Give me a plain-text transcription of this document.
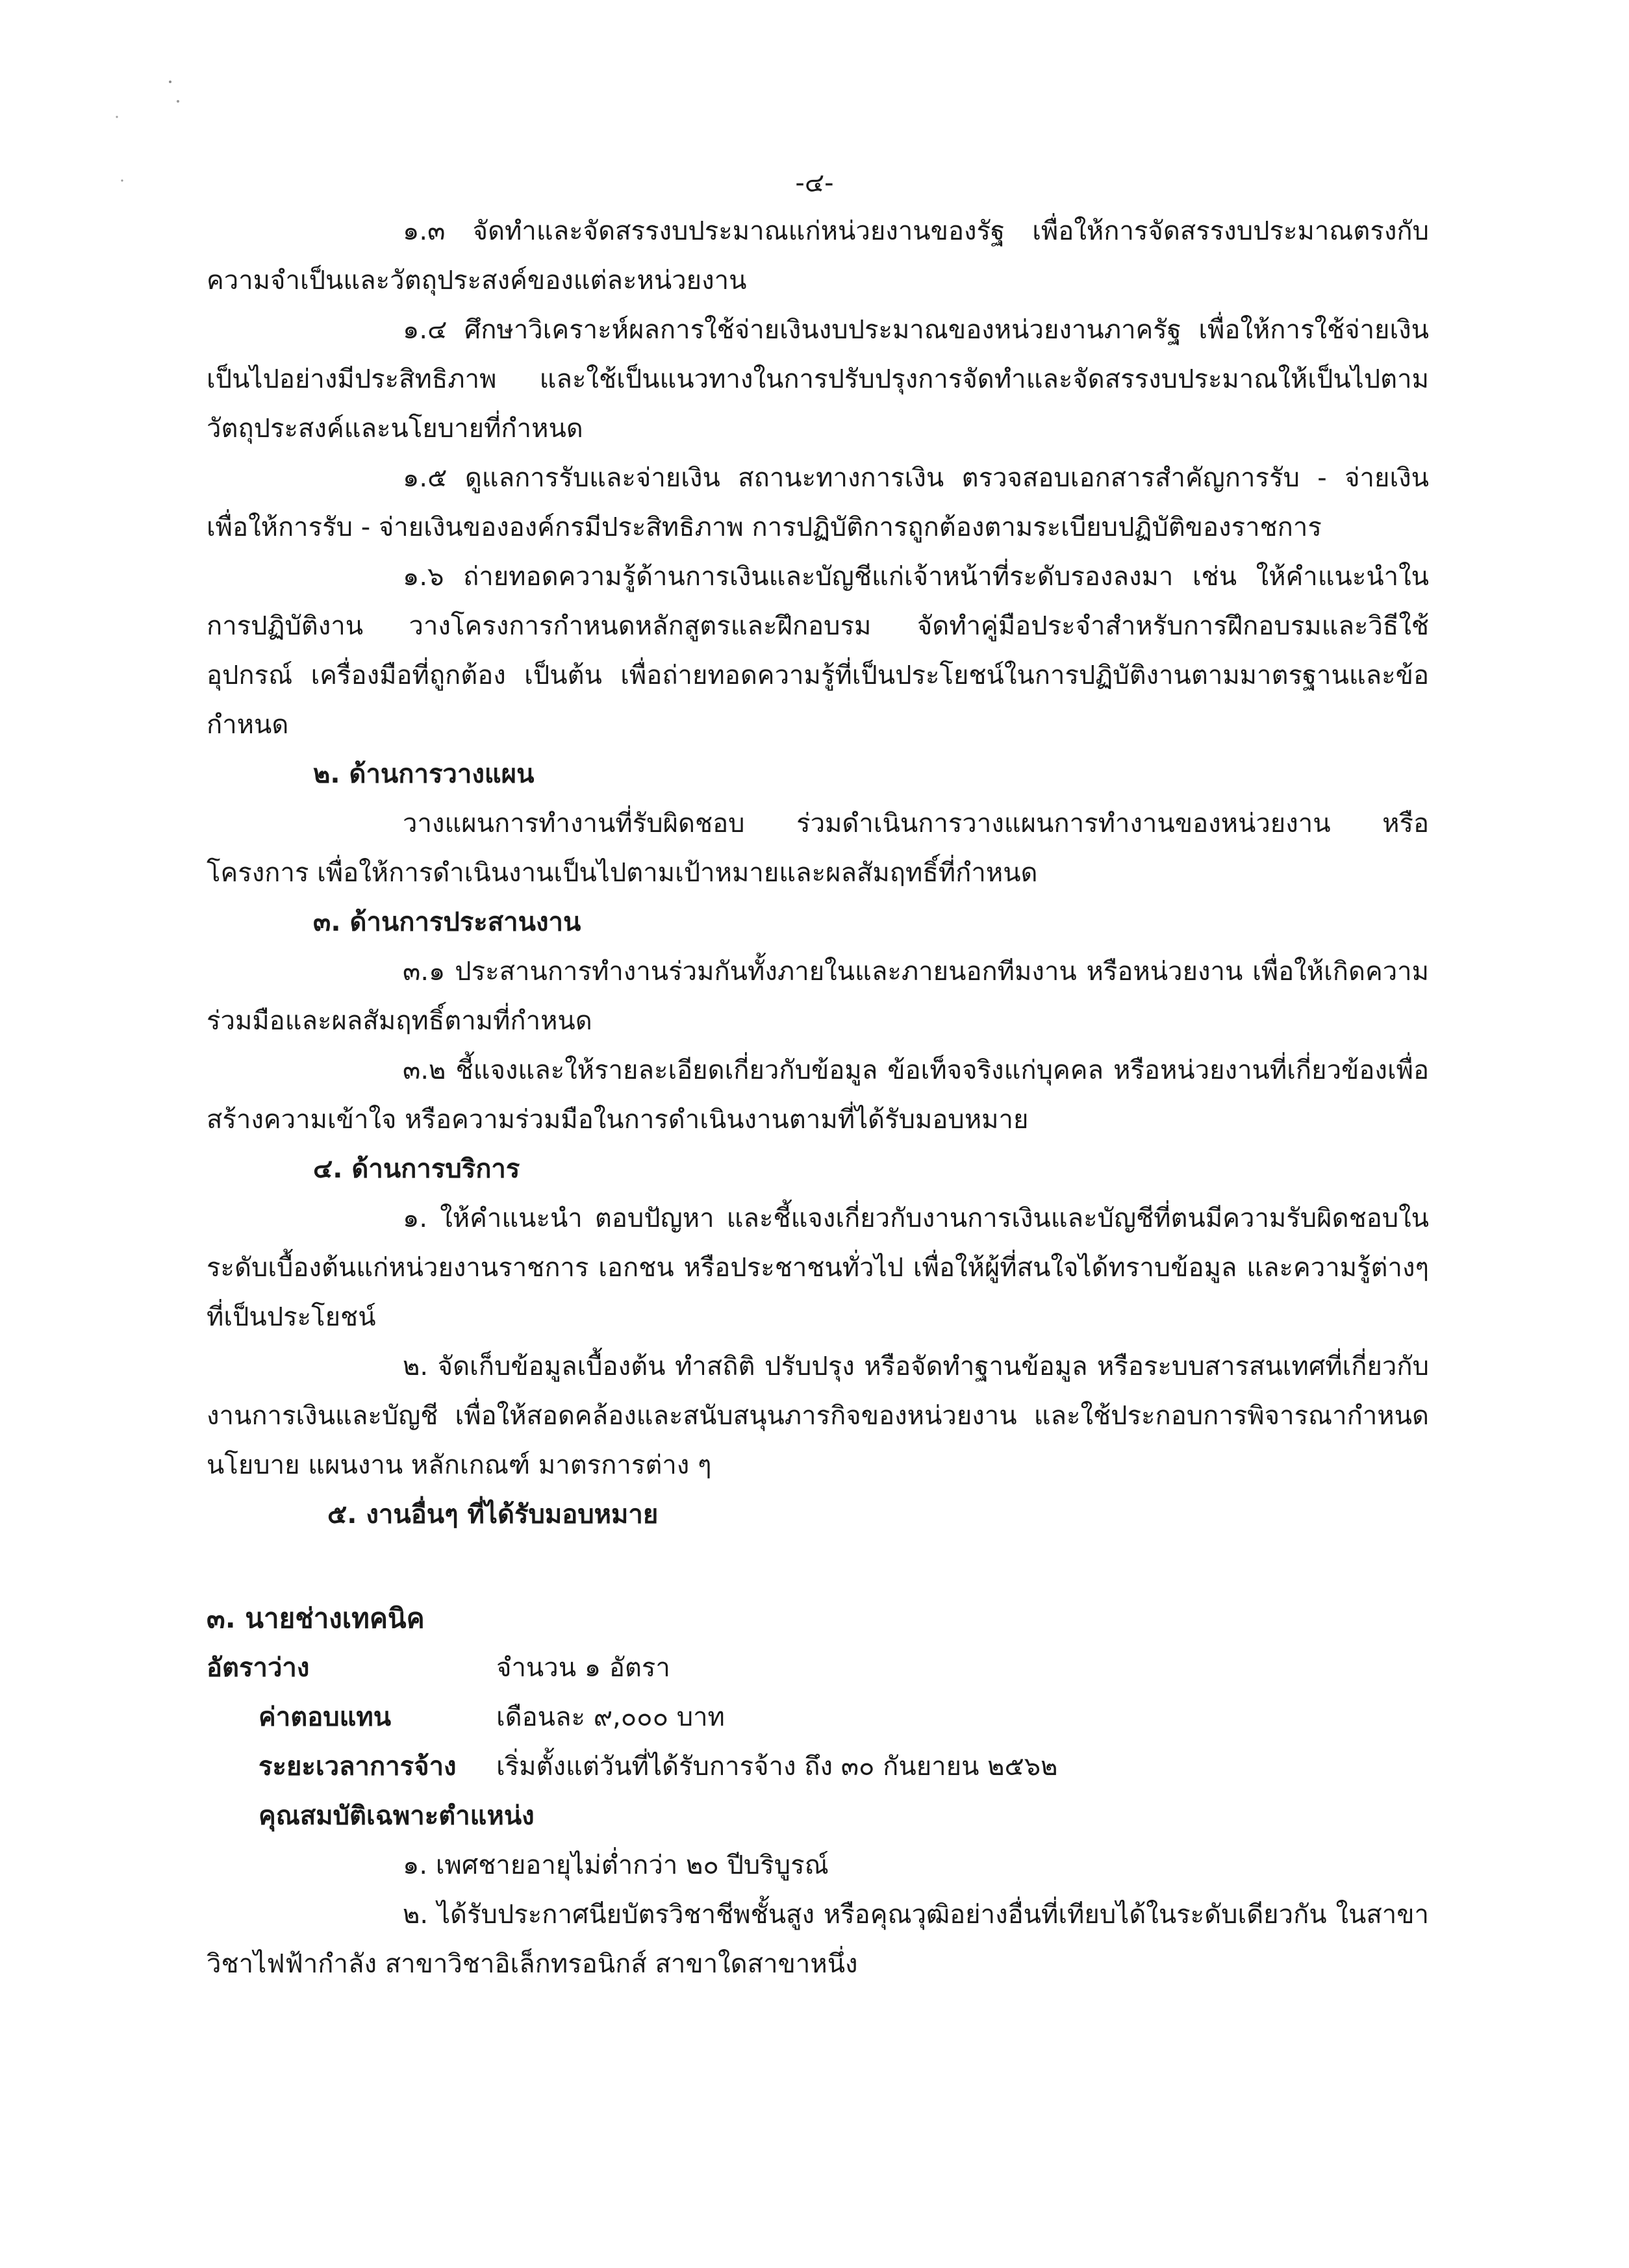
-๔-

๑.๓ จัดทำและจัดสรรงบประมาณแก่หน่วยงานของรัฐ เพื่อให้การจัดสรรงบประมาณตรงกับความจำเป็นและวัตถุประสงค์ของแต่ละหน่วยงาน

๑.๔ ศึกษาวิเคราะห์ผลการใช้จ่ายเงินงบประมาณของหน่วยงานภาครัฐ เพื่อให้การใช้จ่ายเงินเป็นไปอย่างมีประสิทธิภาพ และใช้เป็นแนวทางในการปรับปรุงการจัดทำและจัดสรรงบประมาณให้เป็นไปตามวัตถุประสงค์และนโยบายที่กำหนด

๑.๕ ดูแลการรับและจ่ายเงิน สถานะทางการเงิน ตรวจสอบเอกสารสำคัญการรับ - จ่ายเงิน เพื่อให้การรับ - จ่ายเงินขององค์กรมีประสิทธิภาพ การปฏิบัติการถูกต้องตามระเบียบปฏิบัติของราชการ

๑.๖ ถ่ายทอดความรู้ด้านการเงินและบัญชีแก่เจ้าหน้าที่ระดับรองลงมา เช่น ให้คำแนะนำในการปฏิบัติงาน วางโครงการกำหนดหลักสูตรและฝึกอบรม จัดทำคู่มือประจำสำหรับการฝึกอบรมและวิธีใช้อุปกรณ์ เครื่องมือที่ถูกต้อง เป็นต้น เพื่อถ่ายทอดความรู้ที่เป็นประโยชน์ในการปฏิบัติงานตามมาตรฐานและข้อกำหนด

๒. ด้านการวางแผน

วางแผนการทำงานที่รับผิดชอบ ร่วมดำเนินการวางแผนการทำงานของหน่วยงาน หรือโครงการ เพื่อให้การดำเนินงานเป็นไปตามเป้าหมายและผลสัมฤทธิ์ที่กำหนด

๓. ด้านการประสานงาน

๓.๑ ประสานการทำงานร่วมกันทั้งภายในและภายนอกทีมงาน หรือหน่วยงาน เพื่อให้เกิดความร่วมมือและผลสัมฤทธิ์ตามที่กำหนด

๓.๒ ชี้แจงและให้รายละเอียดเกี่ยวกับข้อมูล ข้อเท็จจริงแก่บุคคล หรือหน่วยงานที่เกี่ยวข้องเพื่อสร้างความเข้าใจ หรือความร่วมมือในการดำเนินงานตามที่ได้รับมอบหมาย

๔. ด้านการบริการ

๑. ให้คำแนะนำ ตอบปัญหา และชี้แจงเกี่ยวกับงานการเงินและบัญชีที่ตนมีความรับผิดชอบในระดับเบื้องต้นแก่หน่วยงานราชการ เอกชน หรือประชาชนทั่วไป เพื่อให้ผู้ที่สนใจได้ทราบข้อมูล และความรู้ต่างๆ ที่เป็นประโยชน์

๒. จัดเก็บข้อมูลเบื้องต้น ทำสถิติ ปรับปรุง หรือจัดทำฐานข้อมูล หรือระบบสารสนเทศที่เกี่ยวกับงานการเงินและบัญชี เพื่อให้สอดคล้องและสนับสนุนภารกิจของหน่วยงาน และใช้ประกอบการพิจารณากำหนดนโยบาย แผนงาน หลักเกณฑ์ มาตรการต่าง ๆ

๕. งานอื่นๆ ที่ได้รับมอบหมาย

๓. นายช่างเทคนิค

อัตราว่าง	จำนวน ๑ อัตรา
ค่าตอบแทน	เดือนละ ๙,๐๐๐ บาท
ระยะเวลาการจ้าง	เริ่มตั้งแต่วันที่ได้รับการจ้าง ถึง ๓๐ กันยายน ๒๕๖๒

คุณสมบัติเฉพาะตำแหน่ง

๑. เพศชายอายุไม่ต่ำกว่า ๒๐ ปีบริบูรณ์

๒. ได้รับประกาศนียบัตรวิชาชีพชั้นสูง หรือคุณวุฒิอย่างอื่นที่เทียบได้ในระดับเดียวกัน ในสาขาวิชาไฟฟ้ากำลัง สาขาวิชาอิเล็กทรอนิกส์ สาขาใดสาขาหนึ่ง
